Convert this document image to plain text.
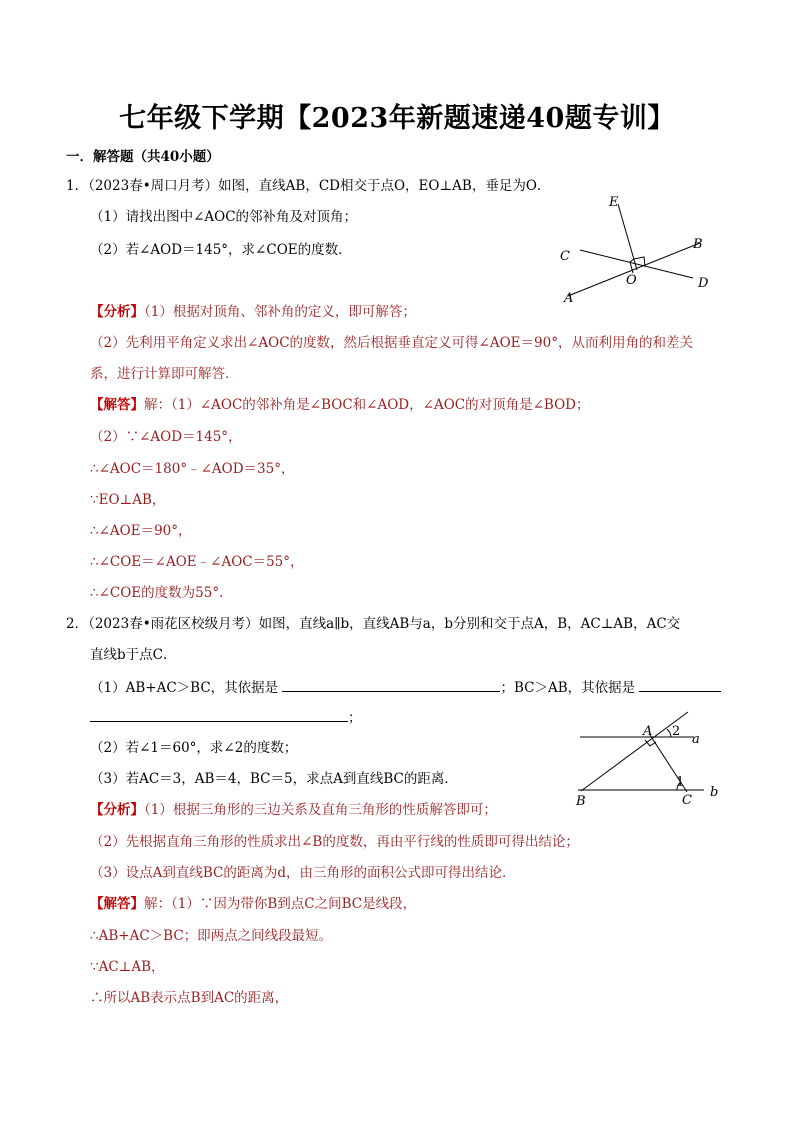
七年级下学期【2023年新题速递40题专训】
一．解答题（共40小题）
1．（2023春•周口月考）如图，直线AB，CD相交于点O，EO⊥AB，垂足为O．
（1）请找出图中∠AOC的邻补角及对顶角；
（2）若∠AOD＝145°，求∠COE的度数．
E
B
C
O	D
A
【分析】（1）根据对顶角、邻补角的定义，即可解答；
（2）先利用平角定义求出∠AOC的度数，然后根据垂直定义可得∠AOE＝90°，从而利用角的和差关
系，进行计算即可解答．
【解答】解：（1）∠AOC的邻补角是∠BOC和∠AOD，∠AOC的对顶角是∠BOD；
（2）∵∠AOD＝145°，
∴∠AOC＝180°﹣∠AOD＝35°，
∵EO⊥AB，
∴∠AOE＝90°，
∴∠COE＝∠AOE﹣∠AOC＝55°，
∴∠COE的度数为55°．
2．（2023春•雨花区校级月考）如图，直线a∥b，直线AB与a，b分别和交于点A，B，AC⊥AB，AC交
直线b于点C．
（1）AB+AC＞BC，其依据是	；BC＞AB，其依据是
；
（2）若∠1＝60°，求∠2的度数；
（3）若AC＝3，AB＝4，BC＝5，求点A到直线BC的距离．
A 2
a
1
B	C
b
【分析】（1）根据三角形的三边关系及直角三角形的性质解答即可；
（2）先根据直角三角形的性质求出∠B的度数，再由平行线的性质即可得出结论；
（3）设点A到直线BC的距离为d，由三角形的面积公式即可得出结论．
【解答】解：（1）∵因为带你B到点C之间BC是线段，
∴AB+AC＞BC；即两点之间线段最短。
∵AC⊥AB，
∴所以AB表示点B到AC的距离，
